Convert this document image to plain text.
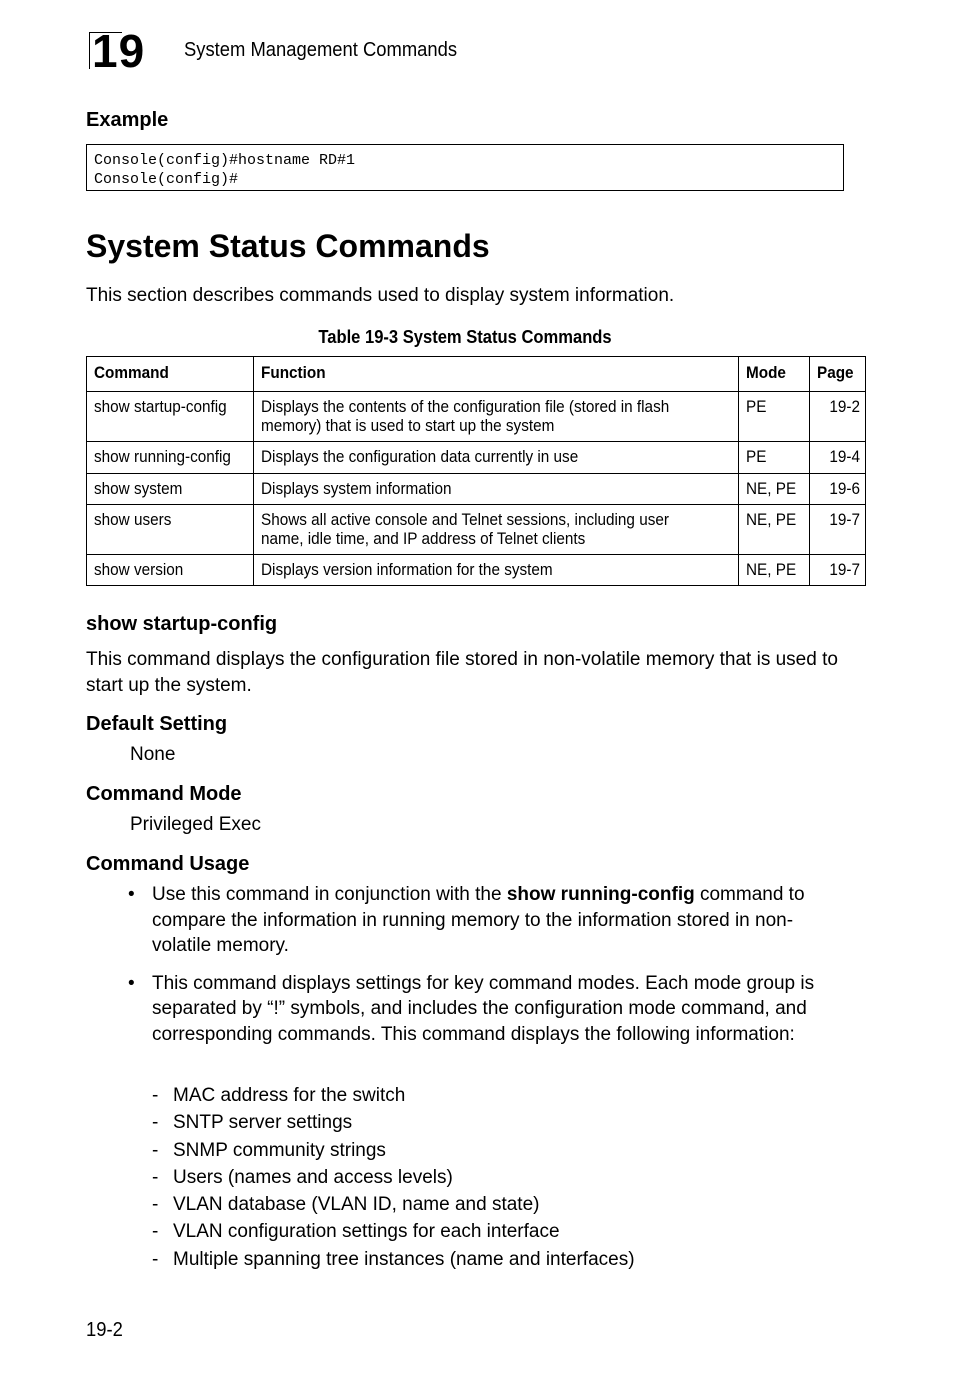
19 System Management Commands
Example
Console(config)#hostname RD#1
Console(config)#
System Status Commands
This section describes commands used to display system information.
Table 19-3 System Status Commands
Command	Function	Mode	Page
show startup-config	Displays the contents of the configuration file (stored in flash memory) that is used to start up the system	PE	19-2
show running-config	Displays the configuration data currently in use	PE	19-4
show system	Displays system information	NE, PE	19-6
show users	Shows all active console and Telnet sessions, including user name, idle time, and IP address of Telnet clients	NE, PE	19-7
show version	Displays version information for the system	NE, PE	19-7
show startup-config
This command displays the configuration file stored in non-volatile memory that is used to start up the system.
Default Setting
None
Command Mode
Privileged Exec
Command Usage
• Use this command in conjunction with the show running-config command to compare the information in running memory to the information stored in non-volatile memory.
• This command displays settings for key command modes. Each mode group is separated by “!” symbols, and includes the configuration mode command, and corresponding commands. This command displays the following information:
- MAC address for the switch
- SNTP server settings
- SNMP community strings
- Users (names and access levels)
- VLAN database (VLAN ID, name and state)
- VLAN configuration settings for each interface
- Multiple spanning tree instances (name and interfaces)
19-2
